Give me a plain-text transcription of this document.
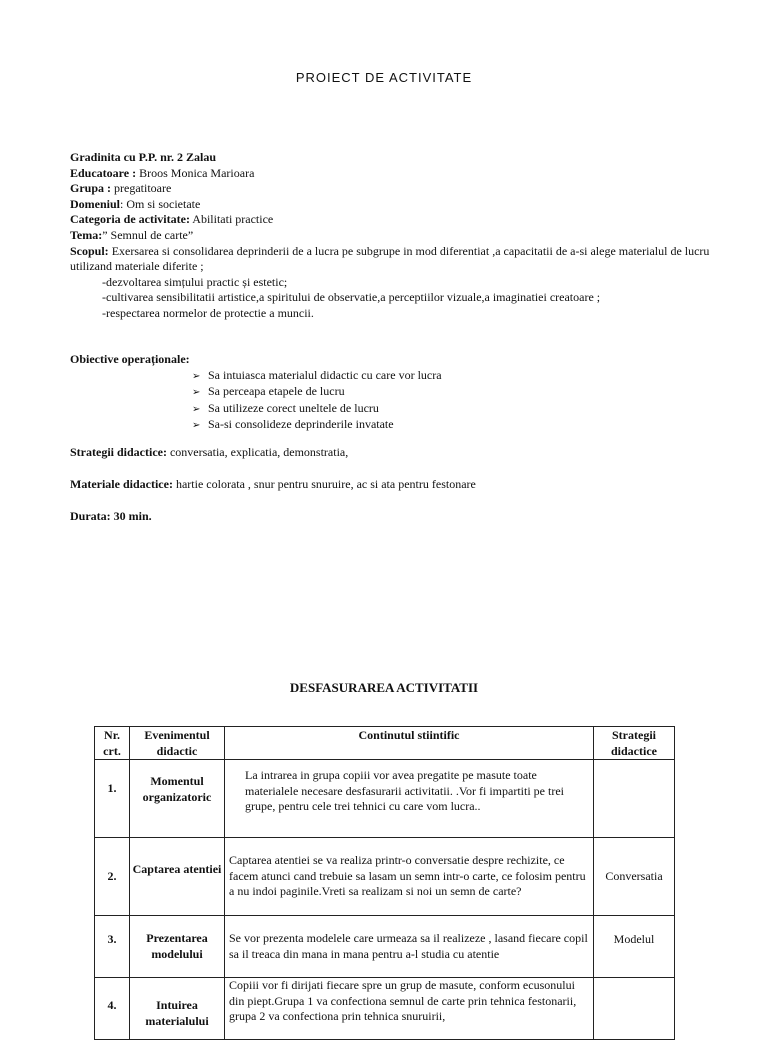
PROIECT DE ACTIVITATE
Gradinita cu P.P. nr. 2 Zalau
Educatoare : Broos Monica Marioara
Grupa : pregatitoare
Domeniul: Om si societate
Categoria de activitate: Abilitati practice
Tema:” Semnul de carte”
Scopul: Exersarea si consolidarea deprinderii de a lucra pe subgrupe in mod diferentiat ,a capacitatii de a-si alege materialul de lucru utilizand materiale diferite ;
-dezvoltarea simțului practic și estetic;
-cultivarea sensibilitatii artistice,a spiritului de observatie,a perceptiilor vizuale,a imaginatiei creatoare ;
-respectarea normelor de protectie a muncii.
Obiective operaționale:
➢ Sa intuiasca materialul didactic cu care vor lucra
➢ Sa perceapa etapele de lucru
➢ Sa utilizeze corect uneltele de lucru
➢ Sa-si consolideze deprinderile invatate
Strategii didactice: conversatia, explicatia, demonstratia,
Materiale didactice: hartie colorata , snur pentru snuruire, ac si ata pentru festonare
Durata: 30 min.
DESFASURAREA ACTIVITATII
Nr. crt.	Evenimentul didactic	Continutul stiintific	Strategii didactice
1.	Momentul organizatoric	La intrarea in grupa copiii vor avea pregatite pe masute toate materialele necesare desfasurarii activitatii. .Vor fi impartiti pe trei grupe, pentru cele trei tehnici cu care vom lucra..	
2.	Captarea atentiei	Captarea atentiei se va realiza printr-o conversatie despre rechizite, ce facem atunci cand trebuie sa lasam un semn intr-o carte, ce folosim pentru a nu indoi paginile.Vreti sa realizam si noi un semn de carte?	Conversatia
3.	Prezentarea modelului	Se vor prezenta modelele care urmeaza sa il realizeze , lasand fiecare copil sa il treaca din mana in mana pentru a-l studia cu atentie	Modelul
4.	Intuirea materialului	Copiii vor fi dirijati fiecare spre un grup de masute, conform ecusonului din piept.Grupa 1 va confectiona semnul de carte prin tehnica festonarii, grupa 2 va confectiona prin tehnica snuruirii,	
